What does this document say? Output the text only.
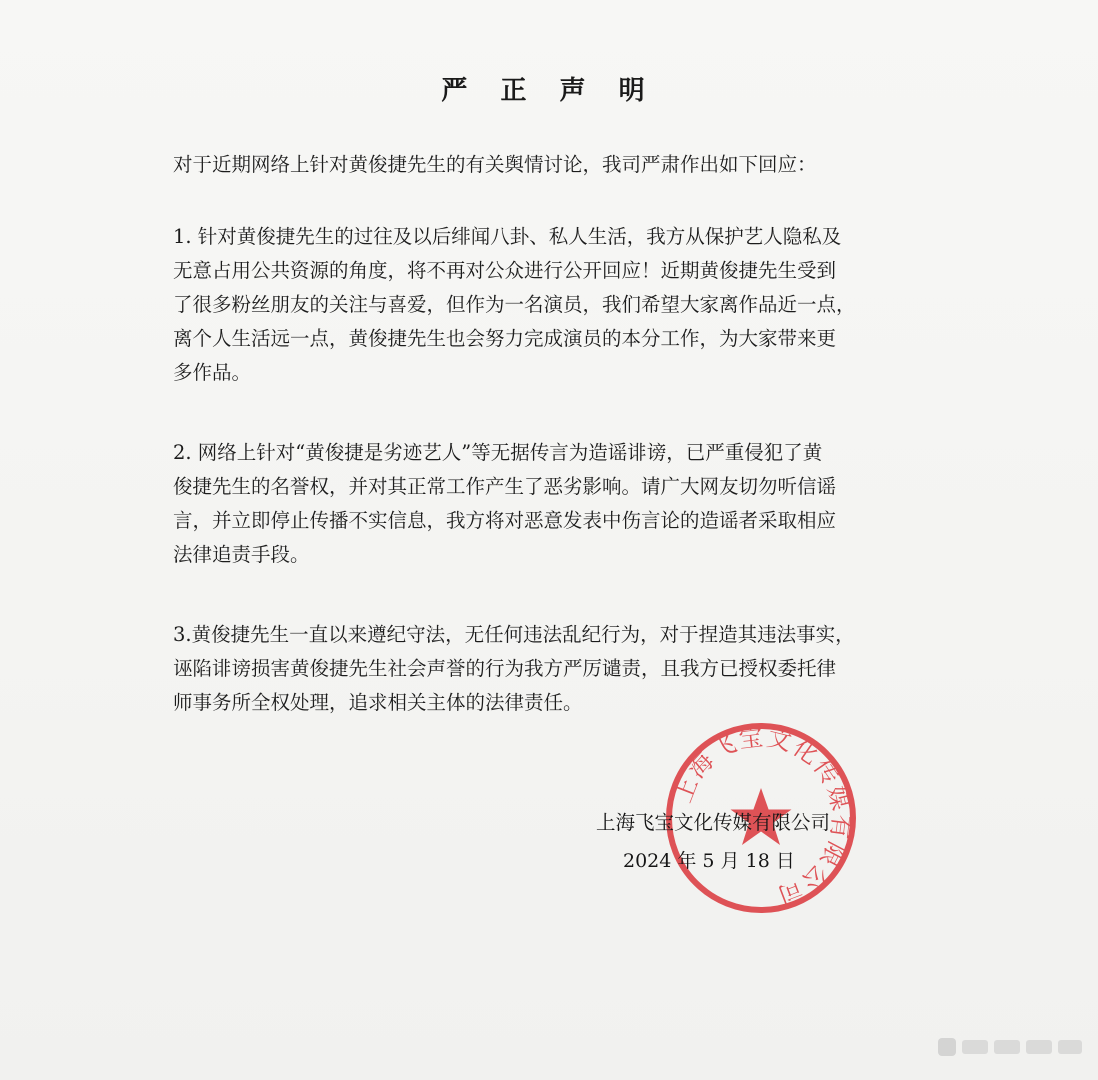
严 正 声 明
对于近期网络上针对黄俊捷先生的有关舆情讨论，我司严肃作出如下回应：
1. 针对黄俊捷先生的过往及以后绯闻八卦、私人生活，我方从保护艺人隐私及
无意占用公共资源的角度，将不再对公众进行公开回应！近期黄俊捷先生受到
了很多粉丝朋友的关注与喜爱，但作为一名演员，我们希望大家离作品近一点，
离个人生活远一点，黄俊捷先生也会努力完成演员的本分工作，为大家带来更
多作品。
2. 网络上针对“黄俊捷是劣迹艺人”等无据传言为造谣诽谤，已严重侵犯了黄
俊捷先生的名誉权，并对其正常工作产生了恶劣影响。请广大网友切勿听信谣
言，并立即停止传播不实信息，我方将对恶意发表中伤言论的造谣者采取相应
法律追责手段。
3.黄俊捷先生一直以来遵纪守法，无任何违法乱纪行为，对于捏造其违法事实，
诬陷诽谤损害黄俊捷先生社会声誉的行为我方严厉谴责，且我方已授权委托律
师事务所全权处理，追求相关主体的法律责任。
上海飞宝文化传媒有限公司
上海飞宝文化传媒有限公司
2024 年 5 月 18 日
